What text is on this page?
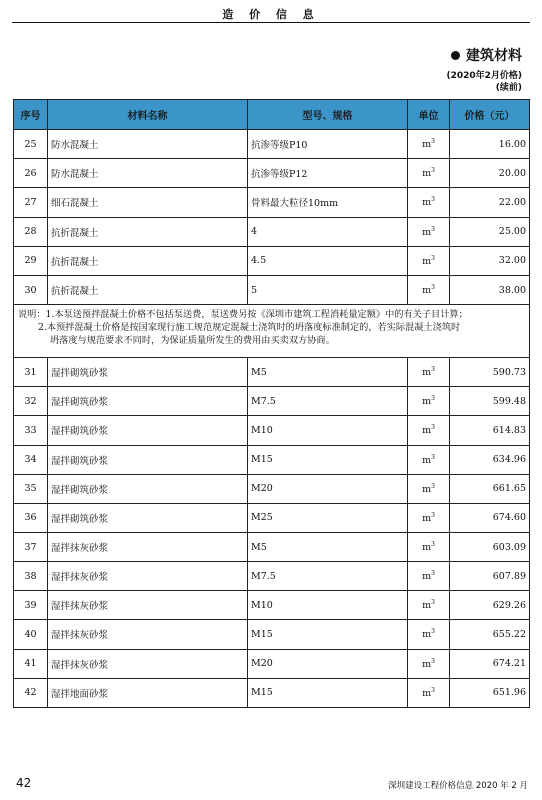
造 价 信 息
建筑材料
(2020年2月价格)
(续前)
序号	材料名称	型号、规格	单位	价格（元）
25	防水混凝土	抗渗等级P10	$m^3$	16.00
26	防水混凝土	抗渗等级P12	$m^3$	20.00
27	细石混凝土	骨料最大粒径10mm	$m^3$	22.00
28	抗折混凝土	4	$m^3$	25.00
29	抗折混凝土	4.5	$m^3$	32.00
30	抗折混凝土	5	$m^3$	38.00

说明：1.本泵送预拌混凝土价格不包括泵送费，泵送费另按《深圳市建筑工程消耗量定额》中的有关子目计算；
2.本预拌混凝土价格是按国家现行施工规范规定混凝土浇筑时的坍落度标准制定的，若实际混凝土浇筑时
坍落度与规范要求不同时，为保证质量所发生的费用由买卖双方协商。				

31	湿拌砌筑砂浆	M5	$m^3$	590.73
32	湿拌砌筑砂浆	M7.5	$m^3$	599.48
33	湿拌砌筑砂浆	M10	$m^3$	614.83
34	湿拌砌筑砂浆	M15	$m^3$	634.96
35	湿拌砌筑砂浆	M20	$m^3$	661.65
36	湿拌砌筑砂浆	M25	$m^3$	674.60
37	湿拌抹灰砂浆	M5	$m^3$	603.09
38	湿拌抹灰砂浆	M7.5	$m^3$	607.89
39	湿拌抹灰砂浆	M10	$m^3$	629.26
40	湿拌抹灰砂浆	M15	$m^3$	655.22
41	湿拌抹灰砂浆	M20	$m^3$	674.21
42	湿拌地面砂浆	M15	$m^3$	651.96
42	深圳建设工程价格信息 2020 年 2 月
